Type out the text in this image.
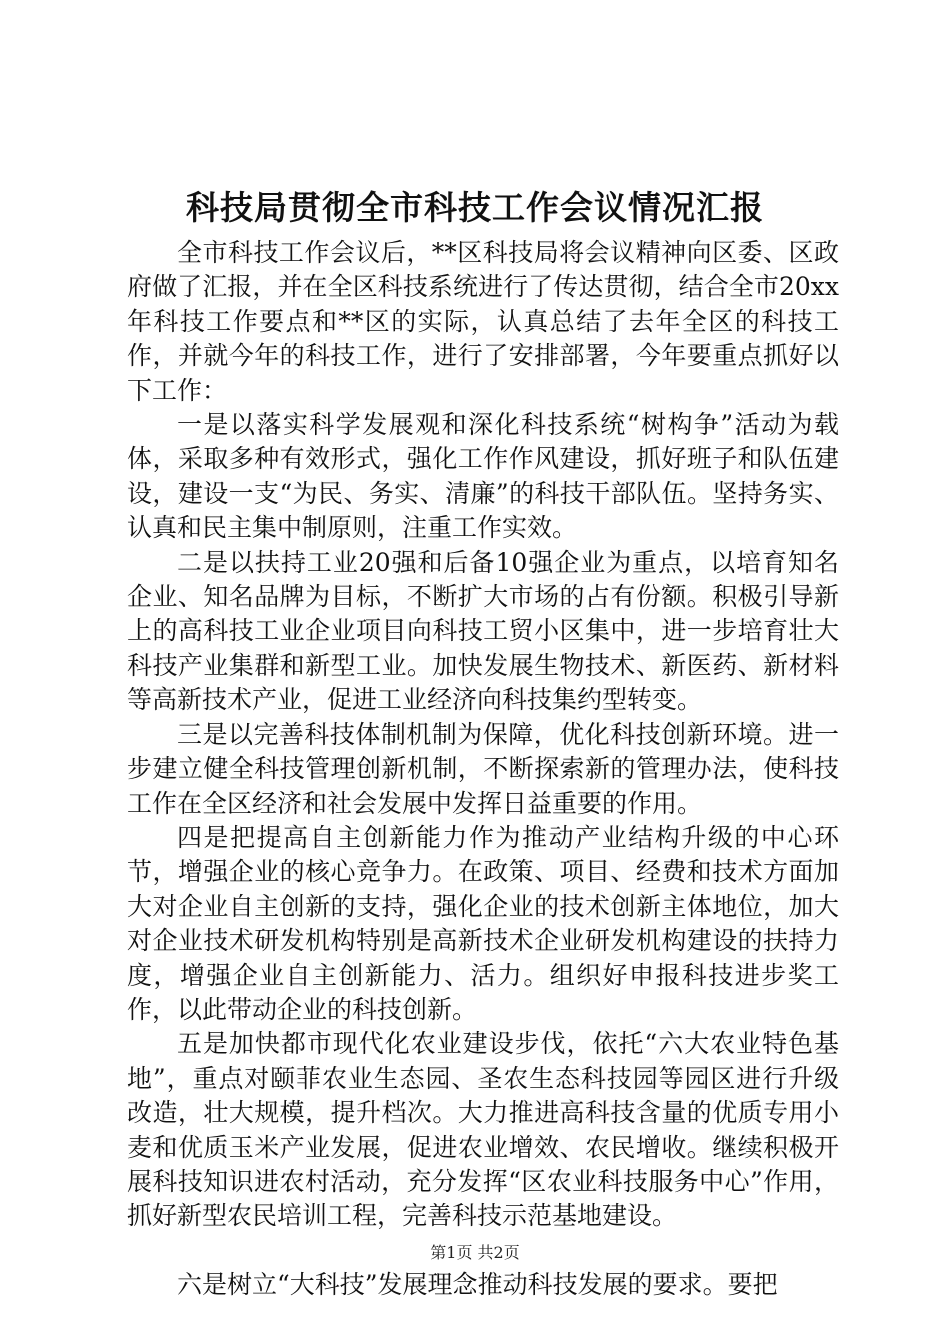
科技局贯彻全市科技工作会议情况汇报

全市科技工作会议后，**区科技局将会议精神向区委、区政府做了汇报，并在全区科技系统进行了传达贯彻，结合全市20xx年科技工作要点和**区的实际，认真总结了去年全区的科技工作，并就今年的科技工作，进行了安排部署，今年要重点抓好以下工作：

一是以落实科学发展观和深化科技系统“树构争”活动为载体，采取多种有效形式，强化工作作风建设，抓好班子和队伍建设，建设一支“为民、务实、清廉”的科技干部队伍。坚持务实、认真和民主集中制原则，注重工作实效。

二是以扶持工业20强和后备10强企业为重点，以培育知名企业、知名品牌为目标，不断扩大市场的占有份额。积极引导新上的高科技工业企业项目向科技工贸小区集中，进一步培育壮大科技产业集群和新型工业。加快发展生物技术、新医药、新材料等高新技术产业，促进工业经济向科技集约型转变。

三是以完善科技体制机制为保障，优化科技创新环境。进一步建立健全科技管理创新机制，不断探索新的管理办法，使科技工作在全区经济和社会发展中发挥日益重要的作用。

四是把提高自主创新能力作为推动产业结构升级的中心环节，增强企业的核心竞争力。在政策、项目、经费和技术方面加大对企业自主创新的支持，强化企业的技术创新主体地位，加大对企业技术研发机构特别是高新技术企业研发机构建设的扶持力度，增强企业自主创新能力、活力。组织好申报科技进步奖工作，以此带动企业的科技创新。

五是加快都市现代化农业建设步伐，依托“六大农业特色基地”，重点对颐菲农业生态园、圣农生态科技园等园区进行升级改造，壮大规模，提升档次。大力推进高科技含量的优质专用小麦和优质玉米产业发展，促进农业增效、农民增收。继续积极开展科技知识进农村活动，充分发挥“区农业科技服务中心”作用，抓好新型农民培训工程，完善科技示范基地建设。

六是树立“大科技”发展理念推动科技发展的要求。要把

第1页 共2页
